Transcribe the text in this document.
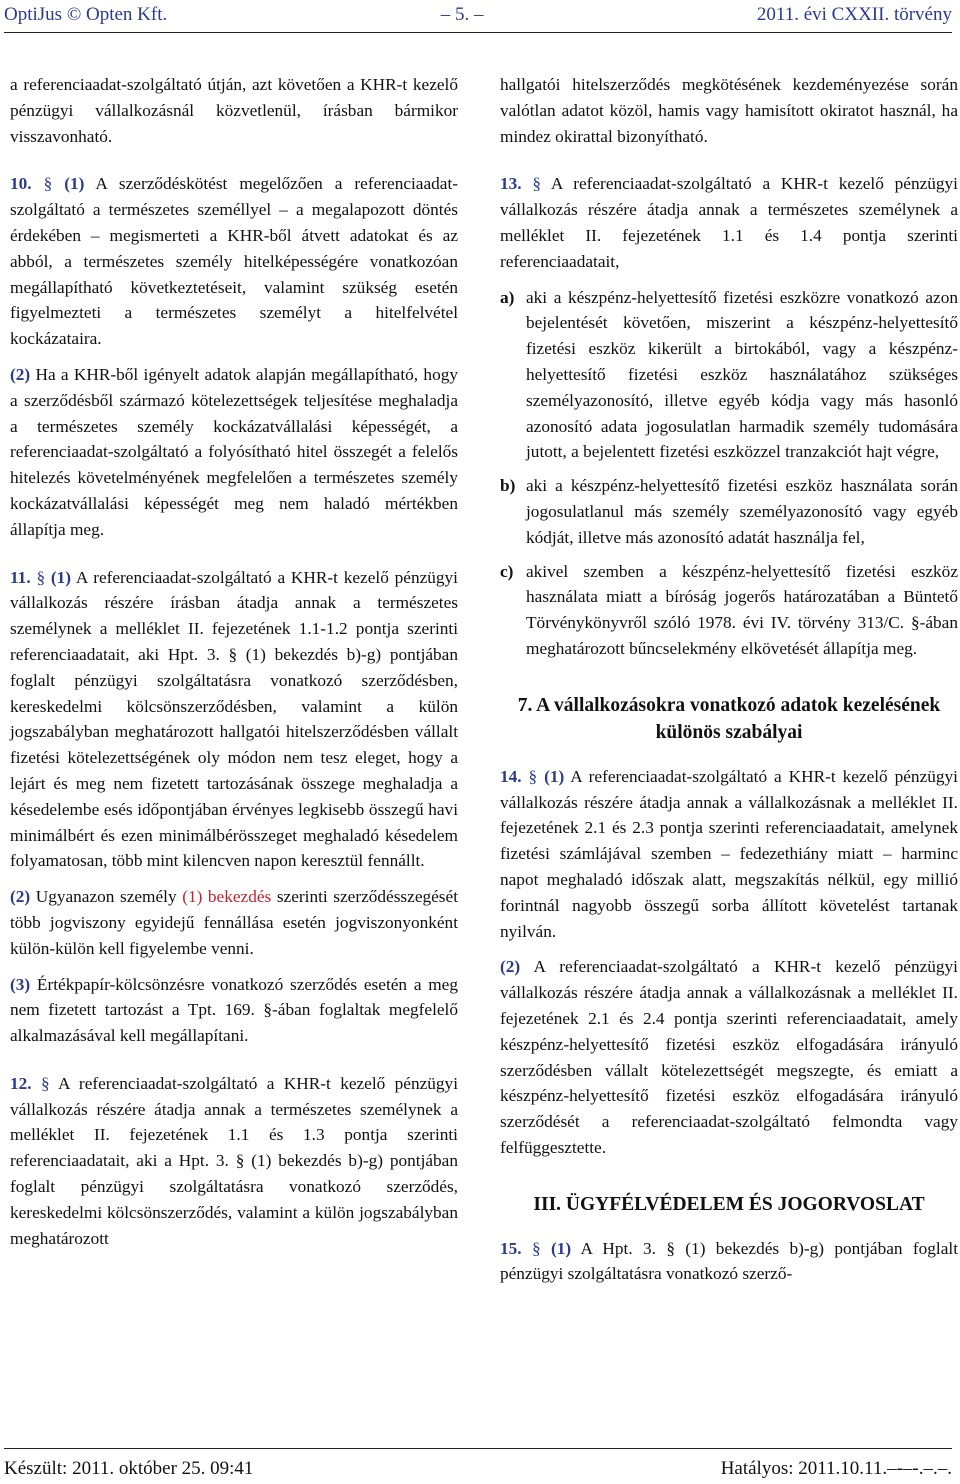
OptiJus © Opten Kft.	– 5. –	2011. évi CXXII. törvény

a referenciaadat-szolgáltató útján, azt követően a KHR-t kezelő pénzügyi vállalkozásnál közvetlenül, írásban bármikor visszavonható.

10. § (1) A szerződéskötést megelőzően a referenciaadat-szolgáltató a természetes személlyel – a megalapozott döntés érdekében – megismerteti a KHR-ből átvett adatokat és az abból, a természetes személy hitelképességére vonatkozóan megállapítható következtetéseit, valamint szükség esetén figyelmezteti a természetes személyt a hitelfelvétel kockázataira.

(2) Ha a KHR-ből igényelt adatok alapján megállapítható, hogy a szerződésből származó kötelezettségek teljesítése meghaladja a természetes személy kockázatvállalási képességét, a referenciaadat-szolgáltató a folyósítható hitel összegét a felelős hitelezés követelményének megfelelően a természetes személy kockázatvállalási képességét meg nem haladó mértékben állapítja meg.

11. § (1) A referenciaadat-szolgáltató a KHR-t kezelő pénzügyi vállalkozás részére írásban átadja annak a természetes személynek a melléklet II. fejezetének 1.1-1.2 pontja szerinti referenciaadatait, aki Hpt. 3. § (1) bekezdés b)-g) pontjában foglalt pénzügyi szolgáltatásra vonatkozó szerződésben, kereskedelmi kölcsönszerződésben, valamint a külön jogszabályban meghatározott hallgatói hitelszerződésben vállalt fizetési kötelezettségének oly módon nem tesz eleget, hogy a lejárt és meg nem fizetett tartozásának összege meghaladja a késedelembe esés időpontjában érvényes legkisebb összegű havi minimálbért és ezen minimálbérösszeget meghaladó késedelem folyamatosan, több mint kilencven napon keresztül fennállt.

(2) Ugyanazon személy (1) bekezdés szerinti szerződésszegését több jogviszony egyidejű fennállása esetén jogviszonyonként külön-külön kell figyelembe venni.

(3) Értékpapír-kölcsönzésre vonatkozó szerződés esetén a meg nem fizetett tartozást a Tpt. 169. §-ában foglaltak megfelelő alkalmazásával kell megállapítani.

12. § A referenciaadat-szolgáltató a KHR-t kezelő pénzügyi vállalkozás részére átadja annak a természetes személynek a melléklet II. fejezetének 1.1 és 1.3 pontja szerinti referenciaadatait, aki a Hpt. 3. § (1) bekezdés b)-g) pontjában foglalt pénzügyi szolgáltatásra vonatkozó szerződés, kereskedelmi kölcsönszerződés, valamint a külön jogszabályban meghatározott

hallgatói hitelszerződés megkötésének kezdeményezése során valótlan adatot közöl, hamis vagy hamisított okiratot használ, ha mindez okirattal bizonyítható.

13. § A referenciaadat-szolgáltató a KHR-t kezelő pénzügyi vállalkozás részére átadja annak a természetes személynek a melléklet II. fejezetének 1.1 és 1.4 pontja szerinti referenciaadatait,

a) aki a készpénz-helyettesítő fizetési eszközre vonatkozó azon bejelentését követően, miszerint a készpénz-helyettesítő fizetési eszköz kikerült a birtokából, vagy a készpénz-helyettesítő fizetési eszköz használatához szükséges személyazonosító, illetve egyéb kódja vagy más hasonló azonosító adata jogosulatlan harmadik személy tudomására jutott, a bejelentett fizetési eszközzel tranzakciót hajt végre,
b) aki a készpénz-helyettesítő fizetési eszköz használata során jogosulatlanul más személy személyazonosító vagy egyéb kódját, illetve más azonosító adatát használja fel,
c) akivel szemben a készpénz-helyettesítő fizetési eszköz használata miatt a bíróság jogerős határozatában a Büntető Törvénykönyvről szóló 1978. évi IV. törvény 313/C. §-ában meghatározott bűncselekmény elkövetését állapítja meg.
7. A vállalkozásokra vonatkozó adatok kezelésének különös szabályai

14. § (1) A referenciaadat-szolgáltató a KHR-t kezelő pénzügyi vállalkozás részére átadja annak a vállalkozásnak a melléklet II. fejezetének 2.1 és 2.3 pontja szerinti referenciaadatait, amelynek fizetési számlájával szemben – fedezethiány miatt – harminc napot meghaladó időszak alatt, megszakítás nélkül, egy millió forintnál nagyobb összegű sorba állított követelést tartanak nyilván.

(2) A referenciaadat-szolgáltató a KHR-t kezelő pénzügyi vállalkozás részére átadja annak a vállalkozásnak a melléklet II. fejezetének 2.1 és 2.4 pontja szerinti referenciaadatait, amely készpénz-helyettesítő fizetési eszköz elfogadására irányuló szerződésben vállalt kötelezettségét megszegte, és emiatt a készpénz-helyettesítő fizetési eszköz elfogadására irányuló szerződését a referenciaadat-szolgáltató felmondta vagy felfüggesztette.

III. ÜGYFÉLVÉDELEM ÉS JOGORVOSLAT

15. § (1) A Hpt. 3. § (1) bekezdés b)-g) pontjában foglalt pénzügyi szolgáltatásra vonatkozó szerző-

Készült: 2011. október 25. 09:41	Hatályos: 2011.10.11.–-–-.–.–.
